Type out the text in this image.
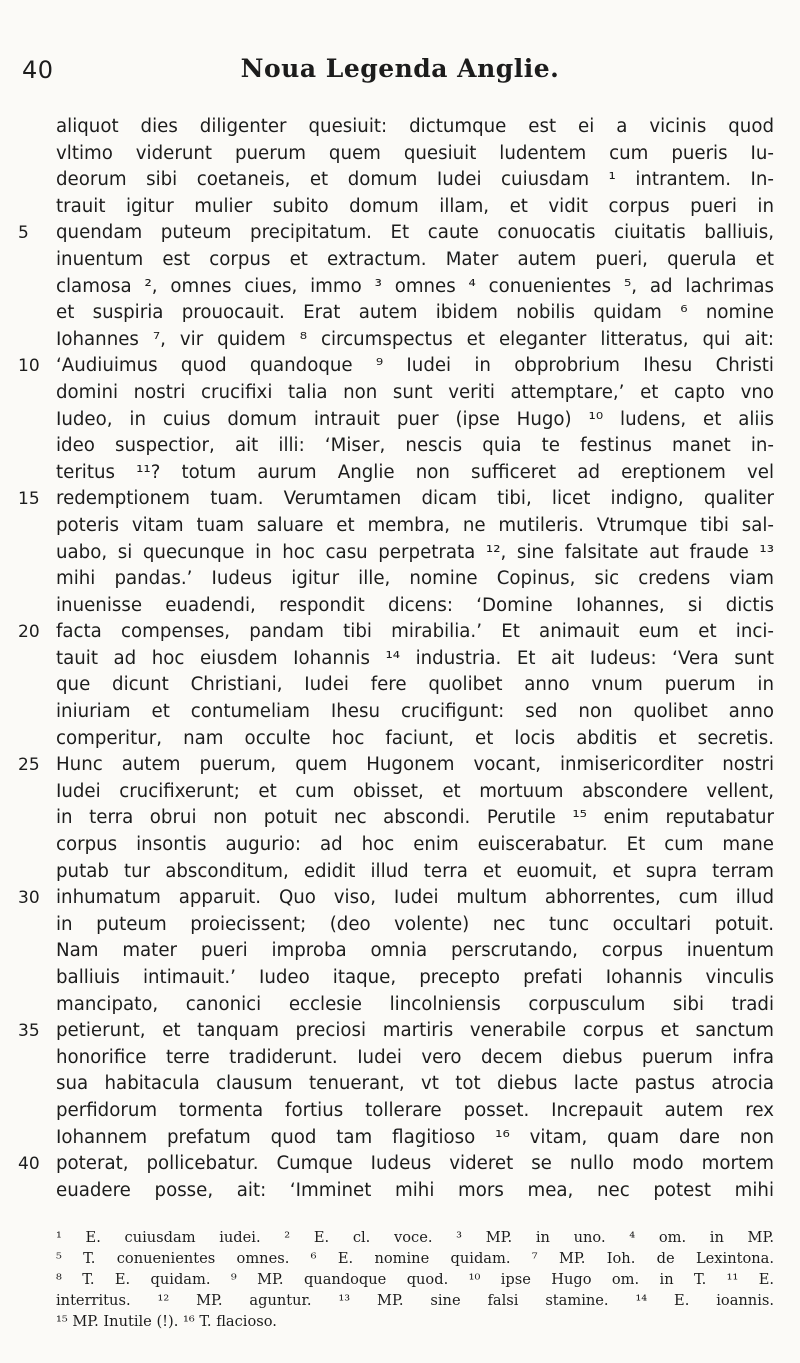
40	Noua Legenda Anglie.
aliquot dies diligenter quesiuit: dictumque est ei a vicinis quod
vltimo viderunt puerum quem quesiuit ludentem cum pueris Iu-
deorum sibi coetaneis, et domum Iudei cuiusdam ¹ intrantem. In-
trauit igitur mulier subito domum illam, et vidit corpus pueri in
5	quendam puteum precipitatum. Et caute conuocatis ciuitatis balliuis,
inuentum est corpus et extractum. Mater autem pueri, querula et
clamosa ², omnes ciues, immo ³ omnes ⁴ conuenientes ⁵, ad lachrimas
et suspiria prouocauit. Erat autem ibidem nobilis quidam ⁶ nomine
Iohannes ⁷, vir quidem ⁸ circumspectus et eleganter litteratus, qui ait:
10 ‘Audiuimus quod quandoque ⁹ Iudei in obprobrium Ihesu Christi
domini nostri crucifixi talia non sunt veriti attemptare,’ et capto vno
Iudeo, in cuius domum intrauit puer (ipse Hugo) ¹⁰ ludens, et aliis
ideo suspectior, ait illi: ‘Miser, nescis quia te festinus manet in-
teritus ¹¹? totum aurum Anglie non sufficeret ad ereptionem vel
15 redemptionem tuam. Verumtamen dicam tibi, licet indigno, qualiter
poteris vitam tuam saluare et membra, ne mutileris. Vtrumque tibi sal-
uabo, si quecunque in hoc casu perpetrata ¹², sine falsitate aut fraude ¹³
mihi pandas.’ Iudeus igitur ille, nomine Copinus, sic credens viam
inuenisse euadendi, respondit dicens: ‘Domine Iohannes, si dictis
20 facta compenses, pandam tibi mirabilia.’ Et animauit eum et inci-
tauit ad hoc eiusdem Iohannis ¹⁴ industria. Et ait Iudeus: ‘Vera sunt
que dicunt Christiani, Iudei fere quolibet anno vnum puerum in
iniuriam et contumeliam Ihesu crucifigunt: sed non quolibet anno
comperitur, nam occulte hoc faciunt, et locis abditis et secretis.
25 Hunc autem puerum, quem Hugonem vocant, inmisericorditer nostri
Iudei crucifixerunt; et cum obisset, et mortuum abscondere vellent,
in terra obrui non potuit nec abscondi. Perutile ¹⁵ enim reputabatur
corpus insontis augurio: ad hoc enim euiscerabatur. Et cum mane
putab tur absconditum, edidit illud terra et euomuit, et supra terram
30 inhumatum apparuit. Quo viso, Iudei multum abhorrentes, cum illud
in puteum proiecissent; (deo volente) nec tunc occultari potuit.
Nam mater pueri improba omnia perscrutando, corpus inuentum
balliuis intimauit.’ Iudeo itaque, precepto prefati Iohannis vinculis
mancipato, canonici ecclesie lincolniensis corpusculum sibi tradi
35 petierunt, et tanquam preciosi martiris venerabile corpus et sanctum
honorifice terre tradiderunt. Iudei vero decem diebus puerum infra
sua habitacula clausum tenuerant, vt tot diebus lacte pastus atrocia
perfidorum tormenta fortius tollerare posset. Increpauit autem rex
Iohannem prefatum quod tam flagitioso ¹⁶ vitam, quam dare non
40 poterat, pollicebatur. Cumque Iudeus videret se nullo modo mortem
euadere posse, ait: ‘Imminet mihi mors mea, nec potest mihi
¹ E. cuiusdam iudei. ² E. cl. voce. ³ MP. in uno. ⁴ om. in MP.
⁵ T. conuenientes omnes. ⁶ E. nomine quidam. ⁷ MP. Ioh. de Lexintona.
⁸ T. E. quidam. ⁹ MP. quandoque quod. ¹⁰ ipse Hugo om. in T. ¹¹ E.
interritus. ¹² MP. aguntur. ¹³ MP. sine falsi stamine. ¹⁴ E. ioannis.
¹⁵ MP. Inutile (!). ¹⁶ T. flacioso.
